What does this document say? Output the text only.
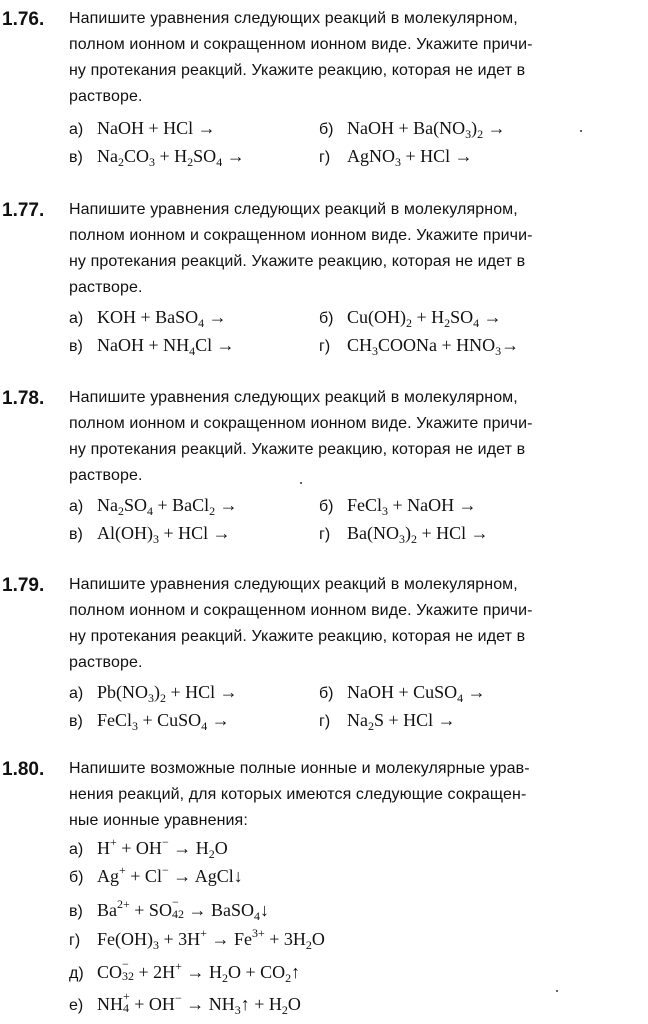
1.76. Напишите уравнения следующих реакций в молекулярном,
полном ионном и сокращенном ионном виде. Укажите причи-
ну протекания реакций. Укажите реакцию, которая не идет в
растворе.
а) NaOH + HCl →	б) NaOH + $Ba(NO_3)_2$ →
в) $Na_2CO_3 + H_2SO_4$ →	г) AgNO$_3$ + HCl →
1.77. Напишите уравнения следующих реакций в молекулярном,
полном ионном и сокращенном ионном виде. Укажите причи-
ну протекания реакций. Укажите реакцию, которая не идет в
растворе.
а) KOH + BaSO$_4$ →	б) $Cu(OH)_2 + H_2SO_4$ →
в) NaOH + $NH_4Cl$ →	г) $CH_3COONa + HNO_3\to$
1.78. Напишите уравнения следующих реакций в молекулярном,
полном ионном и сокращенном ионном виде. Укажите причи-
ну протекания реакций. Укажите реакцию, которая не идет в
растворе.
а) $Na_2SO_4$ + BaCl$_2$ →	б) FeCl$_3$ + NaOH →
в) $Al(OH)_3$ + HCl →	г) $Ba(NO_3)_2$ + HCl →
1.79. Напишите уравнения следующих реакций в молекулярном,
полном ионном и сокращенном ионном виде. Укажите причи-
ну протекания реакций. Укажите реакцию, которая не идет в
растворе.
а) $Pb(NO_3)_2$ + HCl →	б) NaOH + CuSO$_4$ →
в) FeCl$_3$ + CuSO$_4$ →	г) $Na_2S$ + HCl →
1.80. Напишите возможные полные ионные и молекулярные урав-
нения реакций, для которых имеются следующие сокращен-
ные ионные уравнения:
а) $H^+ + OH^- \to H_2O$
б) Ag+ + Cl− → AgCl↓
в) $Ba^{2+}$ + SO −
42 → BaSO$_4$↓
г) $Fe(OH)_3 + 3H^+ \to Fe^{3+} + 3H_2O$
д) CO −
$32 + 2H^+ \to H_2O$ + $CO_2↑$
е) NH +
$4 + OH^- \to NH_3↑ + H_2O$
